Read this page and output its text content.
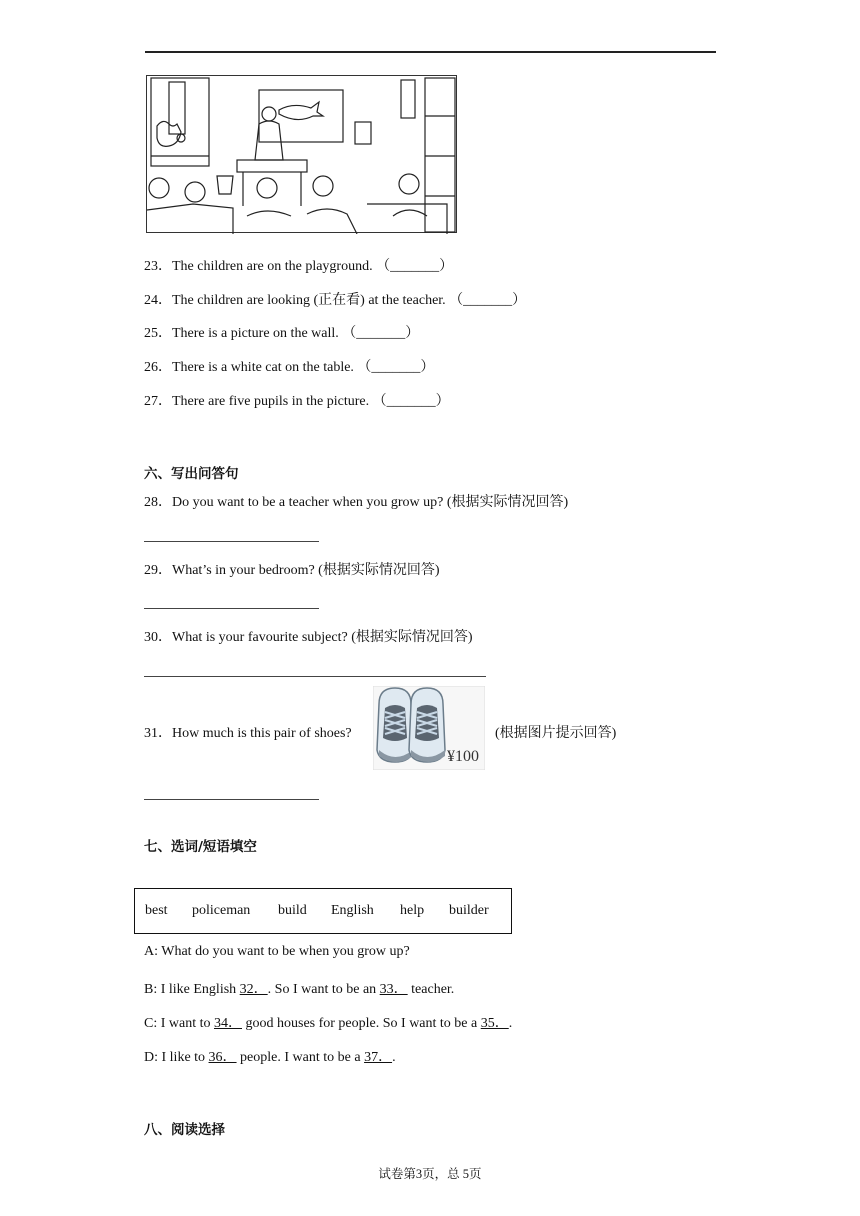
23．The children are on the playground. （_______）
24．The children are looking (正在看) at the teacher. （_______）
25．There is a picture on the wall. （_______）
26．There is a white cat on the table. （_______）
27．There are five pupils in the picture. （_______）
六、写出问答句
28．Do you want to be a teacher when you grow up? (根据实际情况回答)
29．What’s in your bedroom? (根据实际情况回答)
30．What is your favourite subject? (根据实际情况回答)
31．How much is this pair of shoes?
¥100
(根据图片提示回答)
七、选词/短语填空
best policeman build English help builder
A: What do you want to be when you grow up?
B: I like English 32．. So I want to be an 33． teacher.
C: I want to 34． good houses for people. So I want to be a 35．.
D: I like to 36． people. I want to be a 37．.
八、阅读选择
试卷第3页，总 5页
